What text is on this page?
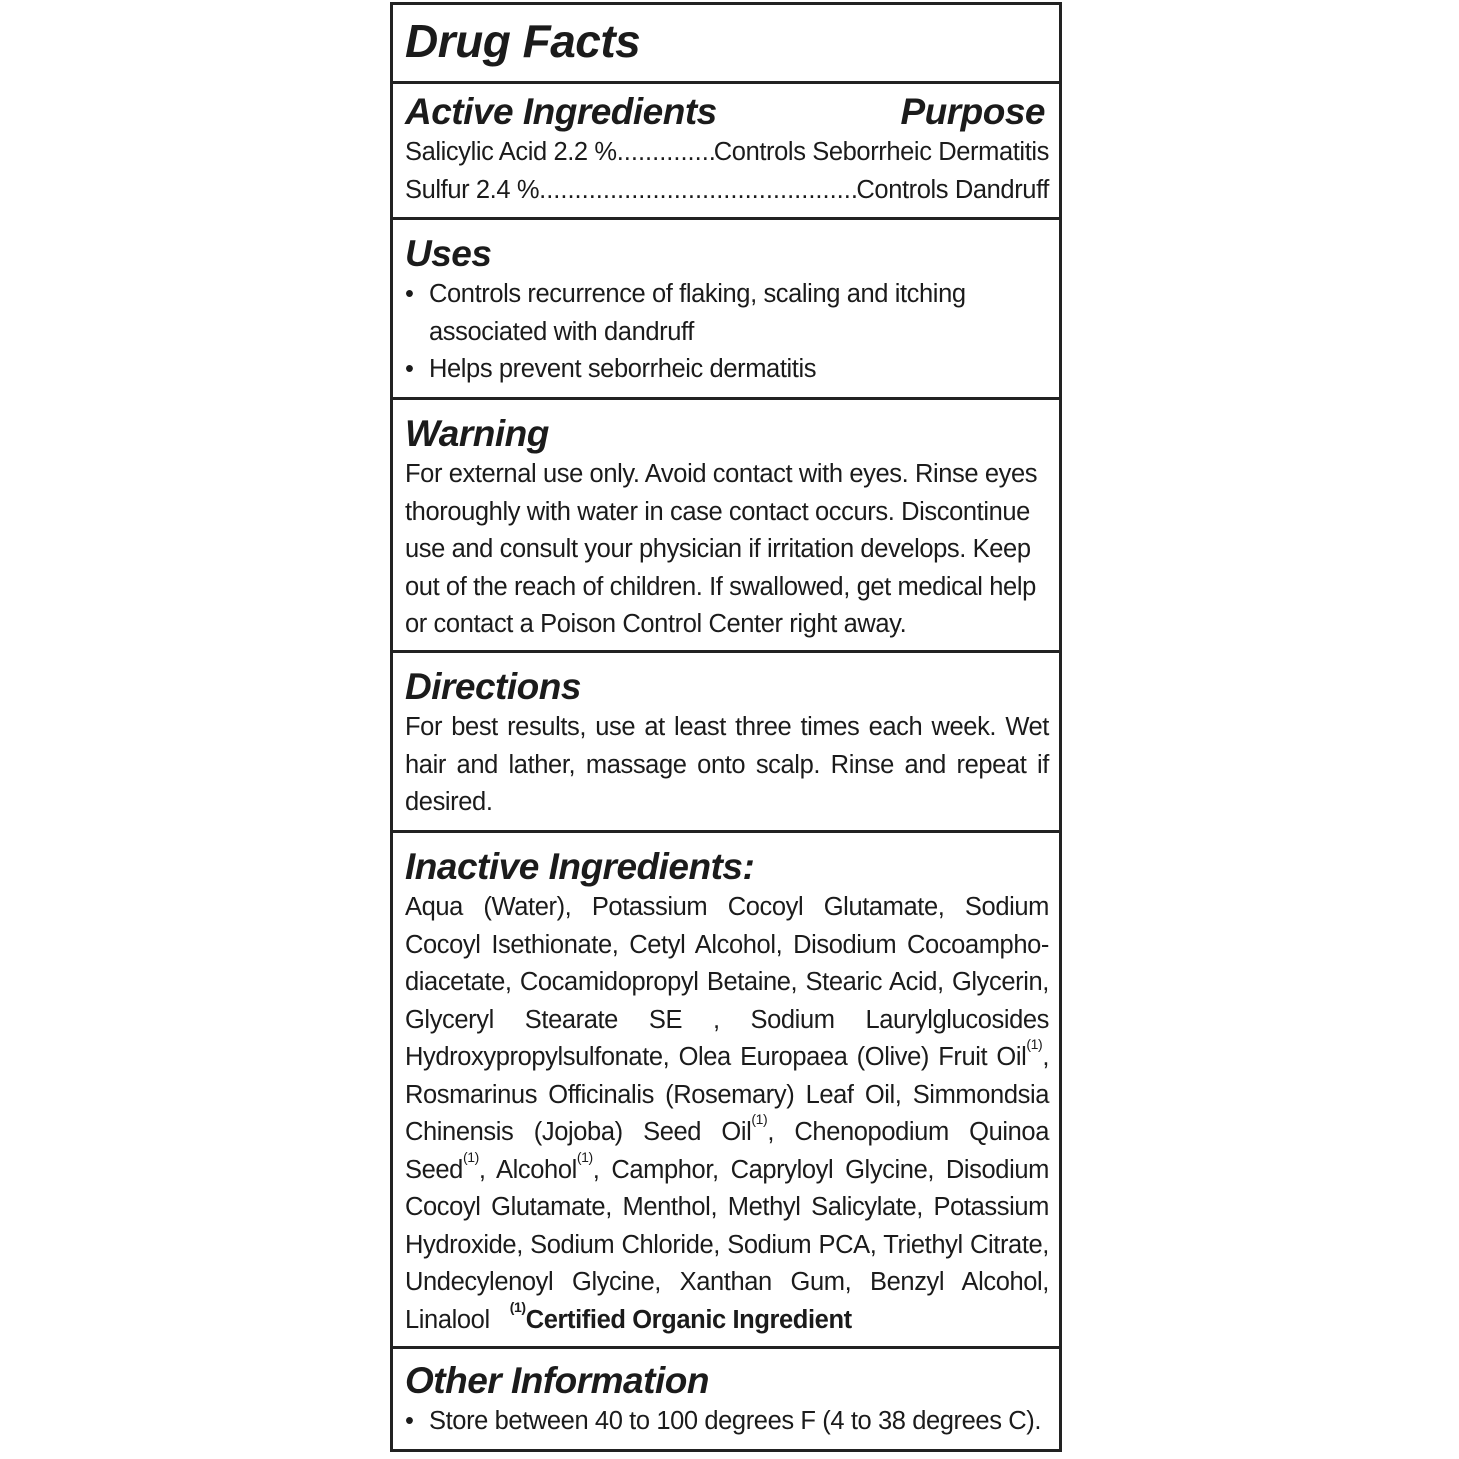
Drug Facts
Active Ingredients	Purpose
Salicylic Acid 2.2 % .....	Controls Seborrheic Dermatitis
Sulfur 2.4 % .....	Controls Dandruff
Uses
• Controls recurrence of flaking, scaling and itching associated with dandruff
• Helps prevent seborrheic dermatitis
Warning

For external use only. Avoid contact with eyes. Rinse eyes thoroughly with water in case contact occurs. Discontinue use and consult your physician if irritation develops. Keep out of the reach of children. If swallowed, get medical help or contact a Poison Control Center right away.

Directions

For best results, use at least three times each week. Wet hair and lather, massage onto scalp. Rinse and repeat if desired.

Inactive Ingredients:

Aqua (Water), Potassium Cocoyl Glutamate, Sodium Cocoyl Isethionate, Cetyl Alcohol, Disodium Cocoampho-diacetate, Cocamidopropyl Betaine, Stearic Acid, Glycerin, Glyceryl Stearate SE , Sodium Laurylglucosides Hydroxypropylsulfonate, Olea Europaea (Olive) Fruit Oil$^{(1)}$, Rosmarinus Officinalis (Rosemary) Leaf Oil, Simmondsia Chinensis (Jojoba) Seed Oil$^{(1)}$, Chenopodium Quinoa Seed$^{(1)}$, Alcohol$^{(1)}$, Camphor, Capryloyl Glycine, Disodium Cocoyl Glutamate, Menthol, Methyl Salicylate, Potassium Hydroxide, Sodium Chloride, Sodium PCA, Triethyl Citrate, Undecylenoyl Glycine, Xanthan Gum, Benzyl Alcohol, Linalool $^{(1)}$Certified Organic Ingredient

Other Information
• Store between 40 to 100 degrees F (4 to 38 degrees C).
